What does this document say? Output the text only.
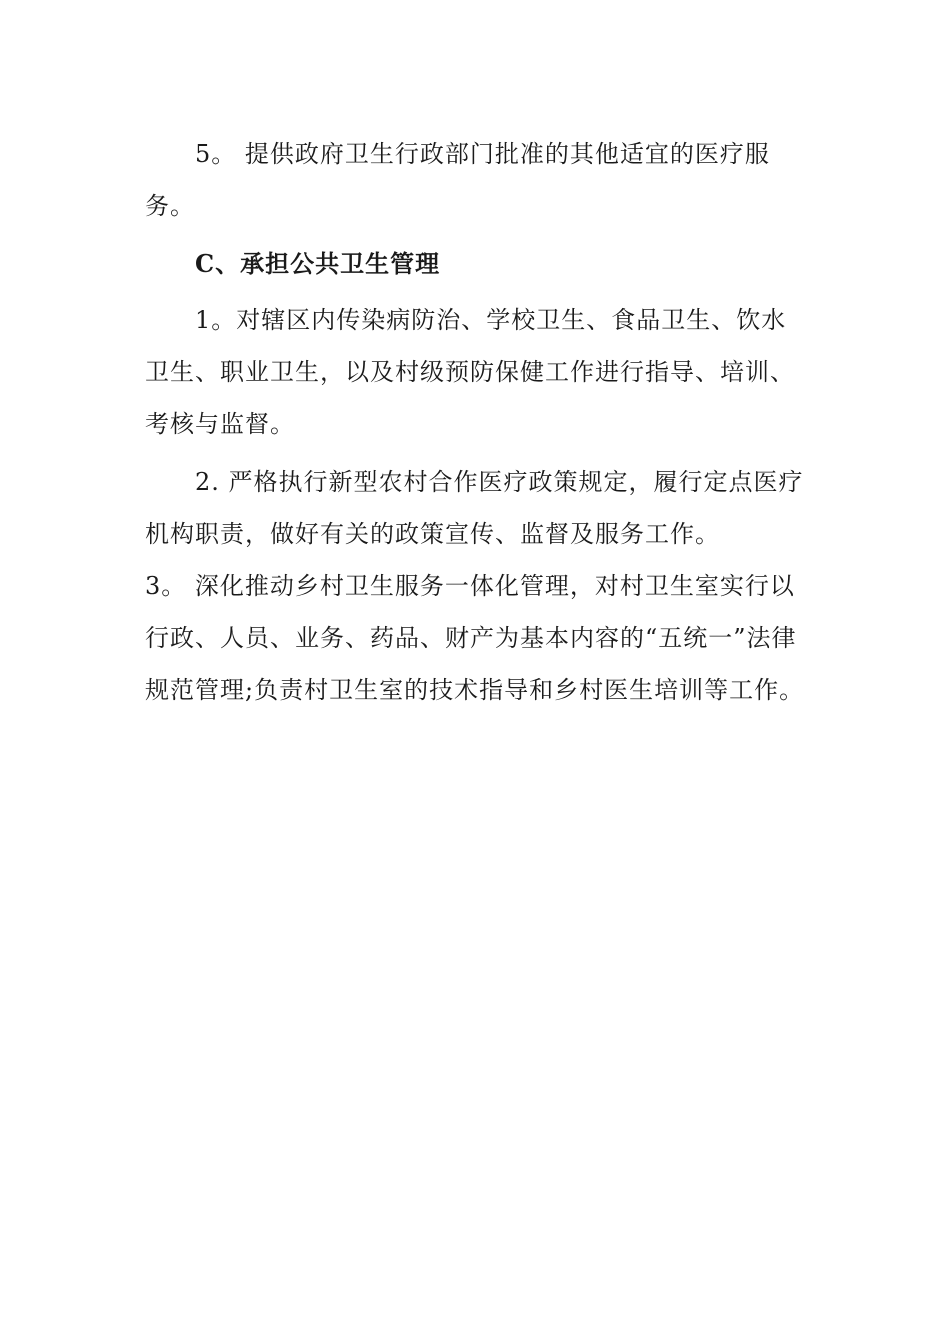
5。 提供政府卫生行政部门批准的其他适宜的医疗服务。

C、承担公共卫生管理

1。对辖区内传染病防治、学校卫生、食品卫生、饮水卫生、职业卫生，以及村级预防保健工作进行指导、培训、考核与监督。

2. 严格执行新型农村合作医疗政策规定，履行定点医疗机构职责，做好有关的政策宣传、监督及服务工作。

3。 深化推动乡村卫生服务一体化管理，对村卫生室实行以行政、人员、业务、药品、财产为基本内容的“五统一”法律规范管理;负责村卫生室的技术指导和乡村医生培训等工作。
